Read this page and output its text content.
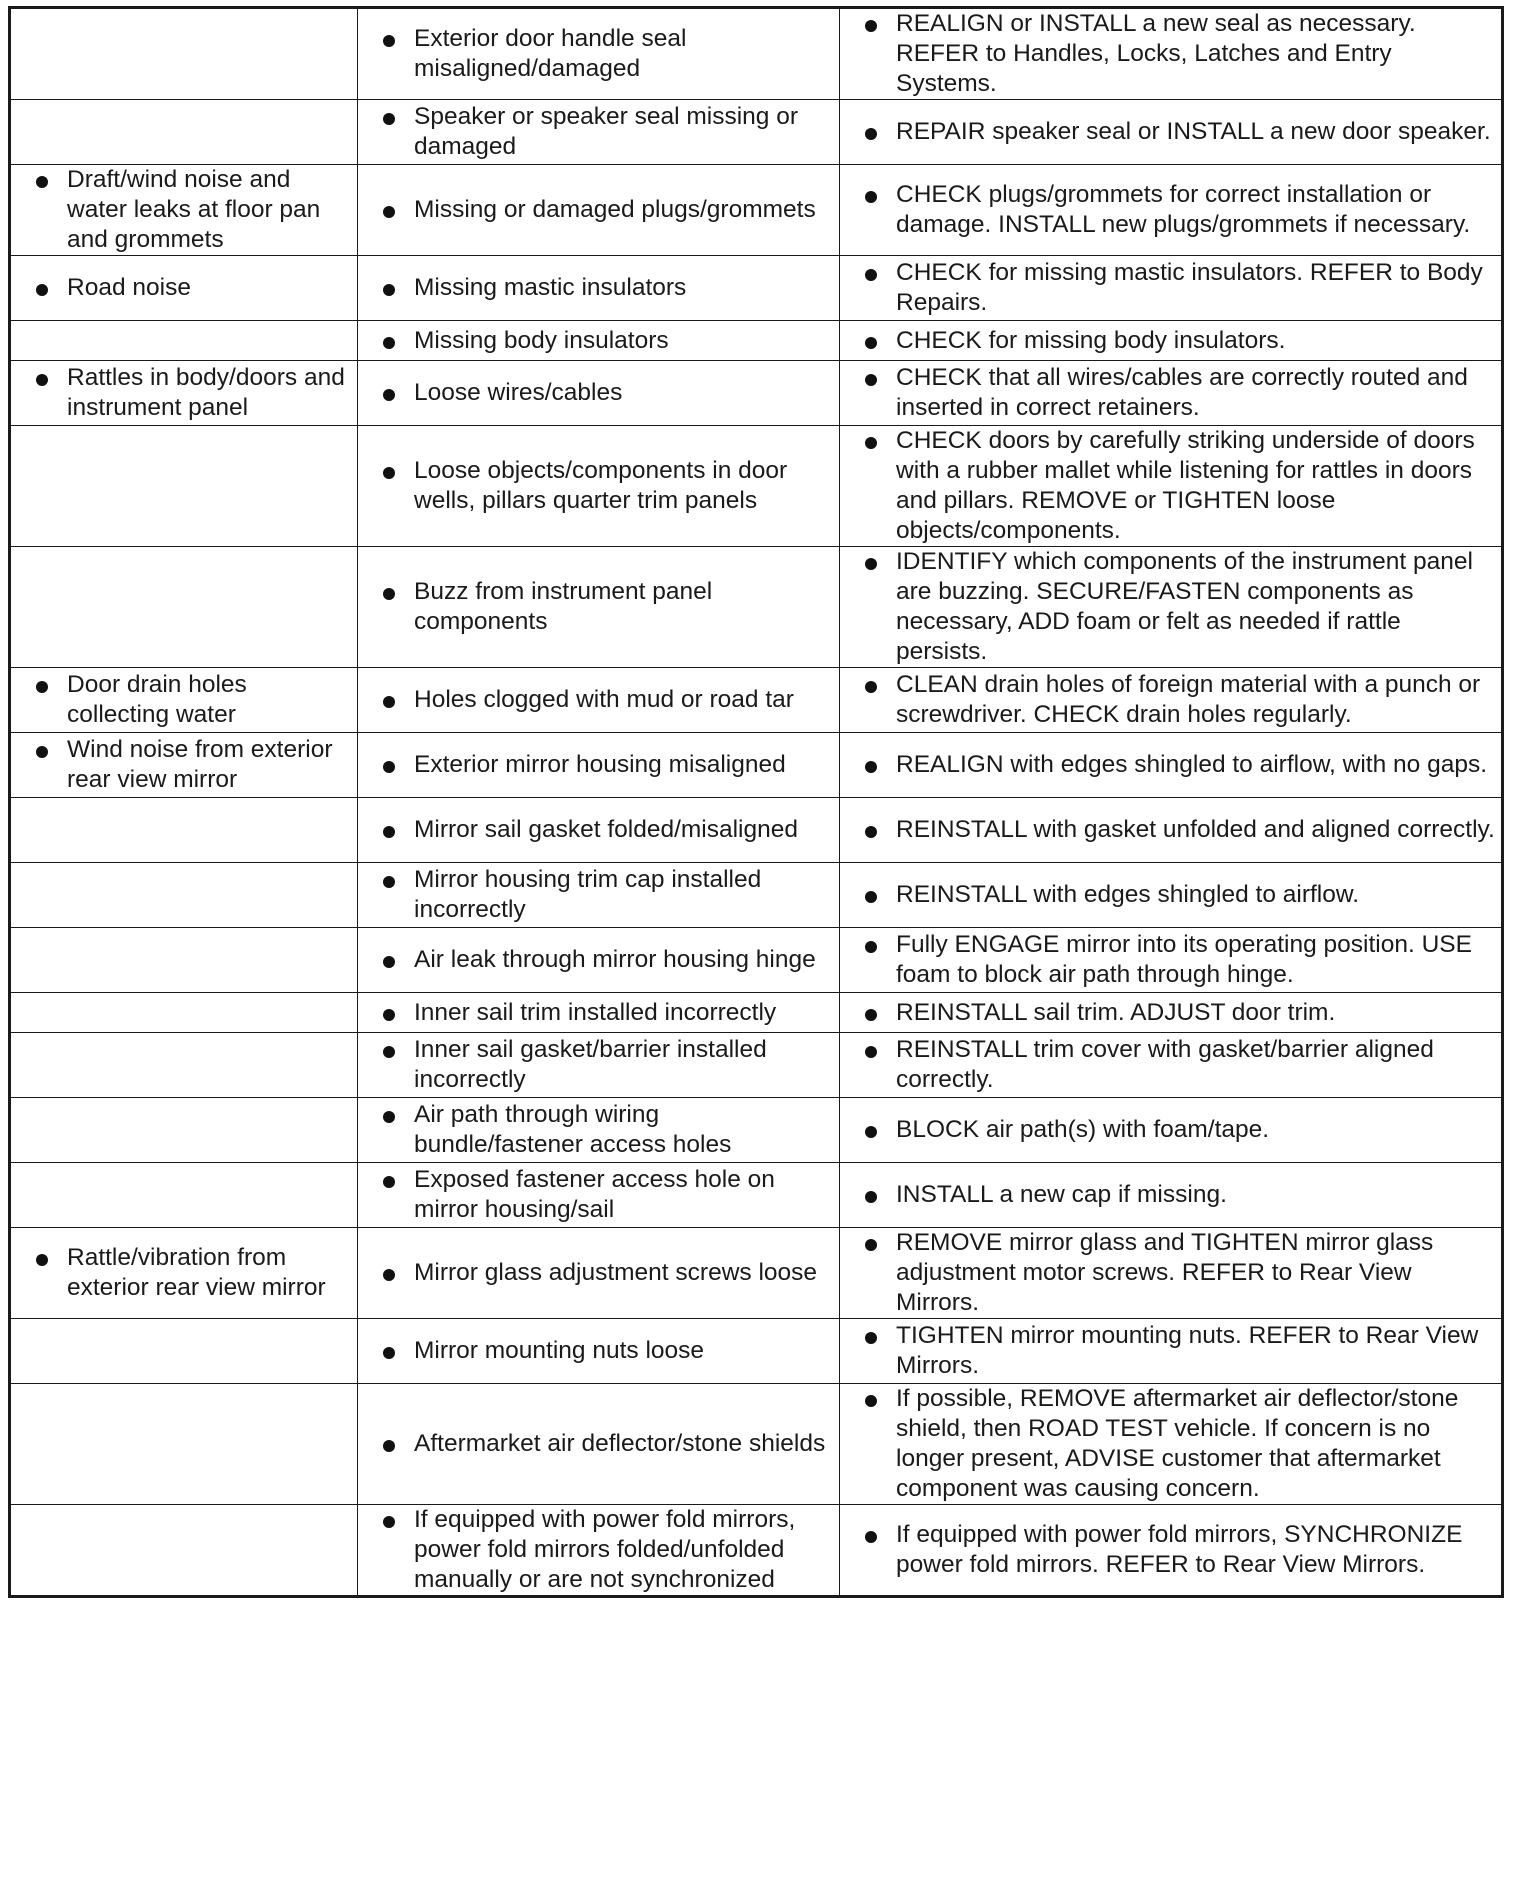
	Exterior door handle seal misaligned/damaged	REALIGN or INSTALL a new seal as necessary. REFER to Handles, Locks, Latches and Entry Systems.

	Speaker or speaker seal missing or damaged	REPAIR speaker seal or INSTALL a new door speaker.

Draft/wind noise and water leaks at floor pan and grommets	Missing or damaged plugs/grommets	CHECK plugs/grommets for correct installation or damage. INSTALL new plugs/grommets if necessary.

Road noise	Missing mastic insulators	CHECK for missing mastic insulators. REFER to Body Repairs.

	Missing body insulators	CHECK for missing body insulators.

Rattles in body/doors and instrument panel	Loose wires/cables	CHECK that all wires/cables are correctly routed and inserted in correct retainers.

	Loose objects/components in door wells, pillars quarter trim panels	CHECK doors by carefully striking underside of doors with a rubber mallet while listening for rattles in doors and pillars. REMOVE or TIGHTEN loose objects/components.

	Buzz from instrument panel components	IDENTIFY which components of the instrument panel are buzzing. SECURE/FASTEN components as necessary, ADD foam or felt as needed if rattle persists.

Door drain holes collecting water	Holes clogged with mud or road tar	CLEAN drain holes of foreign material with a punch or screwdriver. CHECK drain holes regularly.

Wind noise from exterior rear view mirror	Exterior mirror housing misaligned	REALIGN with edges shingled to airflow, with no gaps.

	Mirror sail gasket folded/misaligned	REINSTALL with gasket unfolded and aligned correctly.

	Mirror housing trim cap installed incorrectly	REINSTALL with edges shingled to airflow.

	Air leak through mirror housing hinge	Fully ENGAGE mirror into its operating position. USE foam to block air path through hinge.

	Inner sail trim installed incorrectly	REINSTALL sail trim. ADJUST door trim.

	Inner sail gasket/barrier installed incorrectly	REINSTALL trim cover with gasket/barrier aligned correctly.

	Air path through wiring bundle/fastener access holes	BLOCK air path(s) with foam/tape.

	Exposed fastener access hole on mirror housing/sail	INSTALL a new cap if missing.

Rattle/vibration from exterior rear view mirror	Mirror glass adjustment screws loose	REMOVE mirror glass and TIGHTEN mirror glass adjustment motor screws. REFER to Rear View Mirrors.

	Mirror mounting nuts loose	TIGHTEN mirror mounting nuts. REFER to Rear View Mirrors.

	Aftermarket air deflector/stone shields	If possible, REMOVE aftermarket air deflector/stone shield, then ROAD TEST vehicle. If concern is no longer present, ADVISE customer that aftermarket component was causing concern.

	If equipped with power fold mirrors, power fold mirrors folded/unfolded manually or are not synchronized	If equipped with power fold mirrors, SYNCHRONIZE power fold mirrors. REFER to Rear View Mirrors.
